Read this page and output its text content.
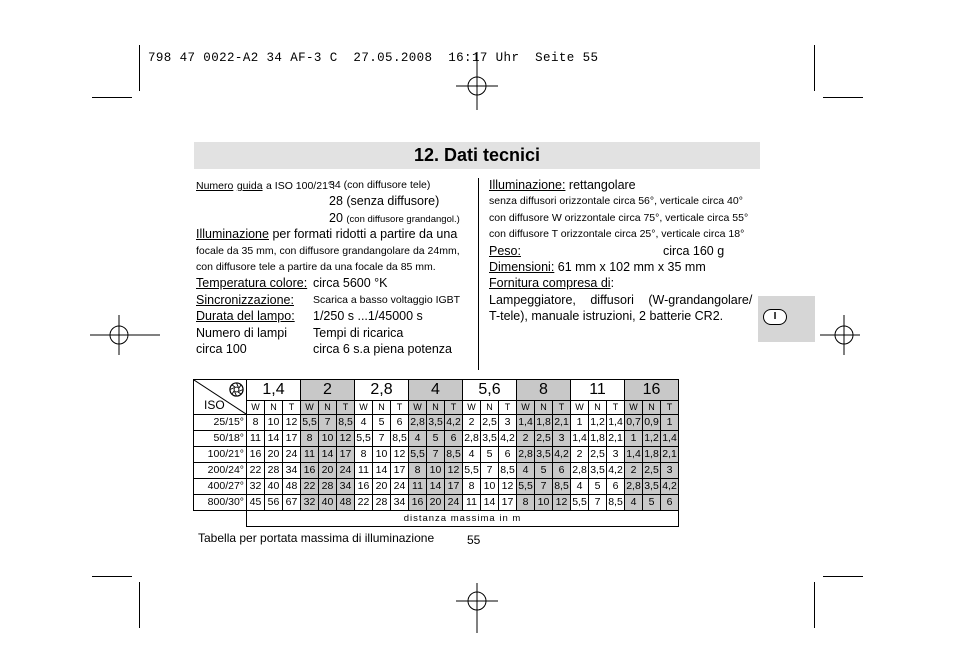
798 47 0022-A2 34 AF-3 C  27.05.2008  16:17 Uhr  Seite 55
12. Dati tecnici
I
Numero guida a ISO 100/21°:
34 (con diffusore tele)
28 (senza diffusore)
20 (con diffusore grandangol.)
Illuminazione per formati ridotti a partire da una
focale da 35 mm, con diffusore grandangolare da 24mm,
con diffusore tele a partire da una focale da 85 mm.
Temperatura colore: circa 5600 °K
Sincronizzazione: Scarica a basso voltaggio IGBT
Durata del lampo: 1/250 s ...1/45000 s
Numero di lampi Tempi di ricarica
circa 100	circa 6 s.a piena potenza
Illuminazione: rettangolare
senza diffusori orizzontale circa 56°, verticale circa 40°
con diffusore W orizzontale circa 75°, verticale circa 55°
con diffusore T orizzontale circa 25°, verticale circa 18°
Peso:	circa 160 g
Dimensioni: 61 mm x 102 mm x 35 mm
Fornitura compresa di:
Lampeggiatore, diffusori (W-grandangolare/
T-tele), manuale istruzioni, 2 batterie CR2.
ISO	1,4			2			2,8			4			5,6			8			11			16		
	W	N	T	W	N	T	W	N	T	W	N	T	W	N	T	W	N	T	W	N	T	W	N	T
25/15°	8	10	12	5,5	7	8,5	4	5	6	2,8	3,5	4,2	2	2,5	3	1,4	1,8	2,1	1	1,2	1,4	0,7	0,9	1
50/18°	11	14	17	8	10	12	5,5	7	8,5	4	5	6	2,8	3,5	4,2	2	2,5	3	1,4	1,8	2,1	1	1,2	1,4
100/21°	16	20	24	11	14	17	8	10	12	5,5	7	8,5	4	5	6	2,8	3,5	4,2	2	2,5	3	1,4	1,8	2,1
200/24°	22	28	34	16	20	24	11	14	17	8	10	12	5,5	7	8,5	4	5	6	2,8	3,5	4,2	2	2,5	3
400/27°	32	40	48	22	28	34	16	20	24	11	14	17	8	10	12	5,5	7	8,5	4	5	6	2,8	3,5	4,2
800/30°	45	56	67	32	40	48	22	28	34	16	20	24	11	14	17	8	10	12	5,5	7	8,5	4	5	6
	distanza massima in m																							
Tabella per portata massima di illuminazione	55
